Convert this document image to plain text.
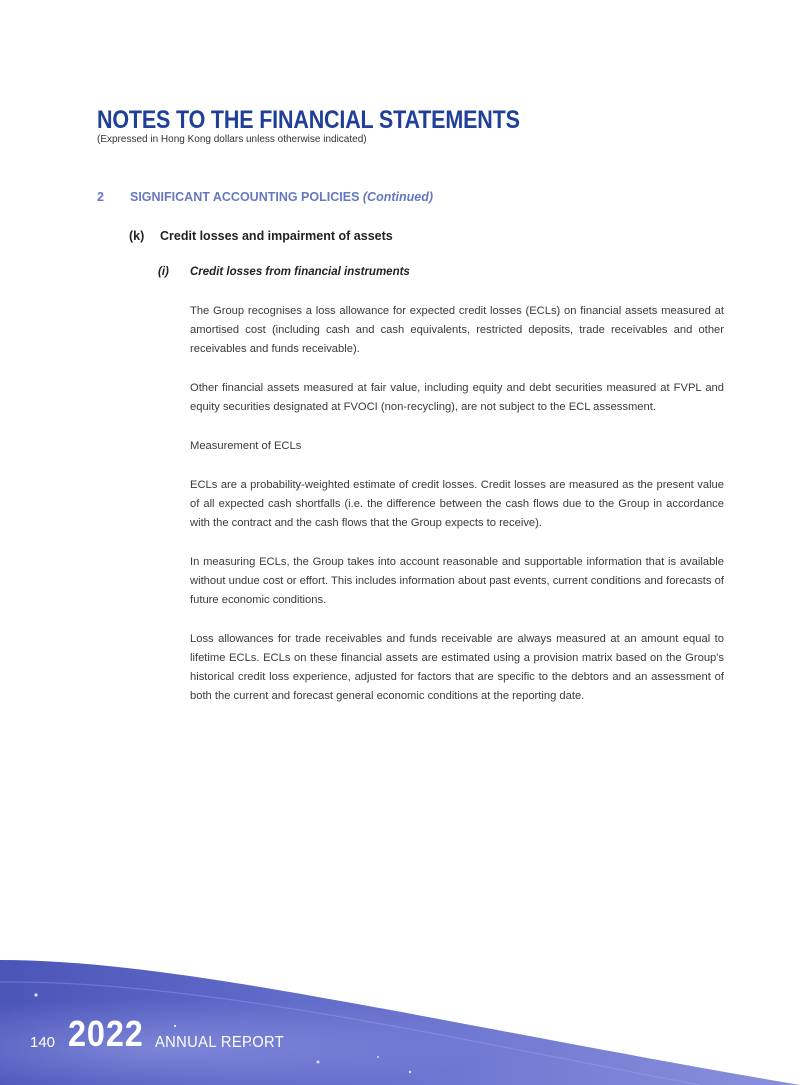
NOTES TO THE FINANCIAL STATEMENTS
(Expressed in Hong Kong dollars unless otherwise indicated)
2 SIGNIFICANT ACCOUNTING POLICIES (Continued)
(k) Credit losses and impairment of assets
(i) Credit losses from financial instruments

The Group recognises a loss allowance for expected credit losses (ECLs) on financial assets measured at amortised cost (including cash and cash equivalents, restricted deposits, trade receivables and other receivables and funds receivable).

Other financial assets measured at fair value, including equity and debt securities measured at FVPL and equity securities designated at FVOCI (non-recycling), are not subject to the ECL assessment.

Measurement of ECLs

ECLs are a probability-weighted estimate of credit losses. Credit losses are measured as the present value of all expected cash shortfalls (i.e. the difference between the cash flows due to the Group in accordance with the contract and the cash flows that the Group expects to receive).

In measuring ECLs, the Group takes into account reasonable and supportable information that is available without undue cost or effort. This includes information about past events, current conditions and forecasts of future economic conditions.

Loss allowances for trade receivables and funds receivable are always measured at an amount equal to lifetime ECLs. ECLs on these financial assets are estimated using a provision matrix based on the Group's historical credit loss experience, adjusted for factors that are specific to the debtors and an assessment of both the current and forecast general economic conditions at the reporting date.

140 2022 ANNUAL REPORT
